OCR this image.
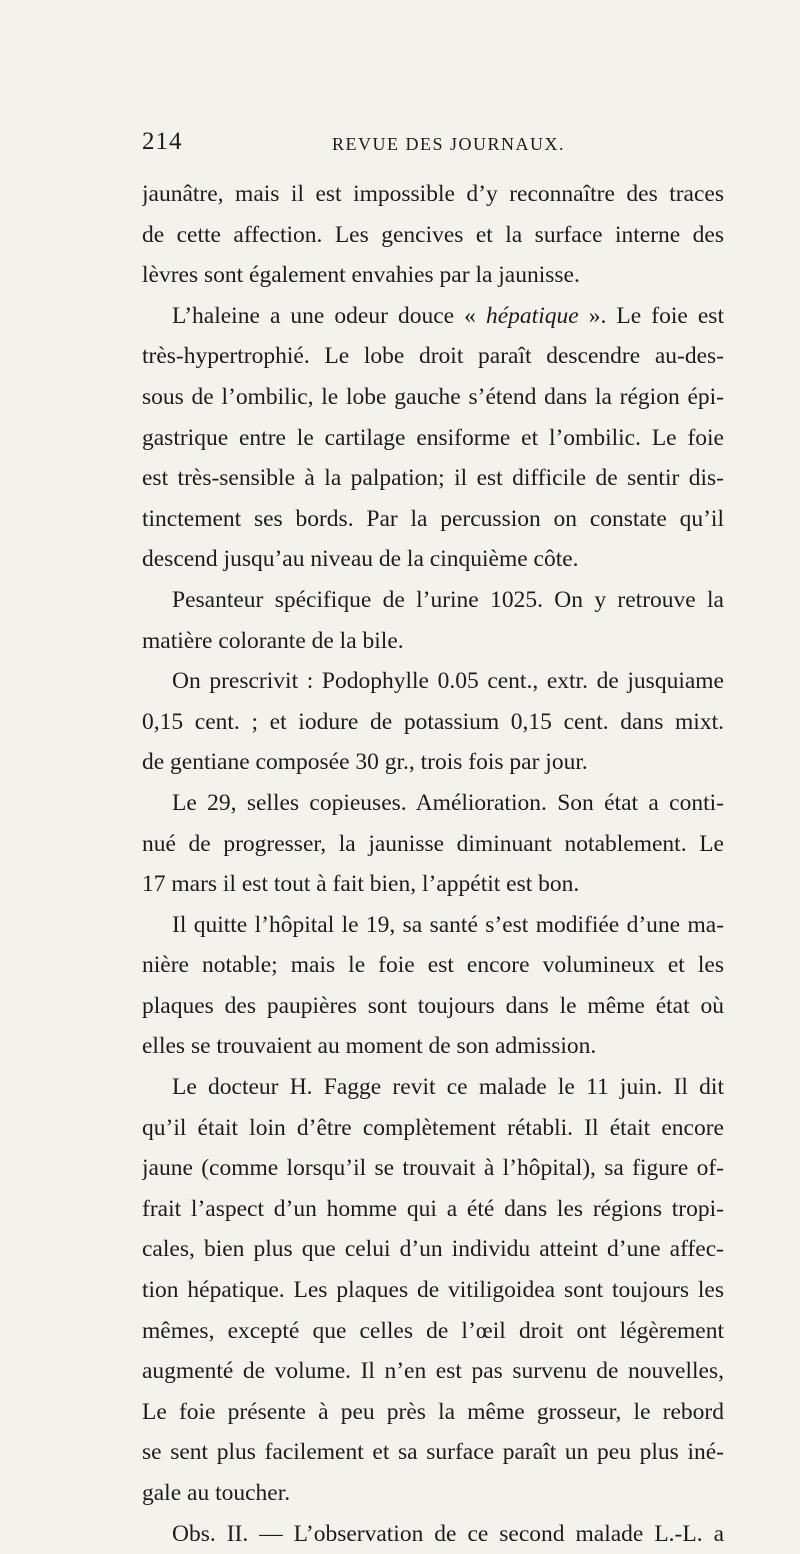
214	REVUE DES JOURNAUX.
jaunâtre, mais il est impossible d’y reconnaître des traces
de cette affection. Les gencives et la surface interne des
lèvres sont également envahies par la jaunisse.
L’haleine a une odeur douce « hépatique ». Le foie est
très-hypertrophié. Le lobe droit paraît descendre au-des-
sous de l’ombilic, le lobe gauche s’étend dans la région épi-
gastrique entre le cartilage ensiforme et l’ombilic. Le foie
est très-sensible à la palpation; il est difficile de sentir dis-
tinctement ses bords. Par la percussion on constate qu’il
descend jusqu’au niveau de la cinquième côte.
Pesanteur spécifique de l’urine 1025. On y retrouve la
matière colorante de la bile.
On prescrivit : Podophylle 0.05 cent., extr. de jusquiame
0,15 cent. ; et iodure de potassium 0,15 cent. dans mixt.
de gentiane composée 30 gr., trois fois par jour.
Le 29, selles copieuses. Amélioration. Son état a conti-
nué de progresser, la jaunisse diminuant notablement. Le
17 mars il est tout à fait bien, l’appétit est bon.
Il quitte l’hôpital le 19, sa santé s’est modifiée d’une ma-
nière notable; mais le foie est encore volumineux et les
plaques des paupières sont toujours dans le même état où
elles se trouvaient au moment de son admission.
Le docteur H. Fagge revit ce malade le 11 juin. Il dit
qu’il était loin d’être complètement rétabli. Il était encore
jaune (comme lorsqu’il se trouvait à l’hôpital), sa figure of-
frait l’aspect d’un homme qui a été dans les régions tropi-
cales, bien plus que celui d’un individu atteint d’une affec-
tion hépatique. Les plaques de vitiligoidea sont toujours les
mêmes, excepté que celles de l’œil droit ont légèrement
augmenté de volume. Il n’en est pas survenu de nouvelles,
Le foie présente à peu près la même grosseur, le rebord
se sent plus facilement et sa surface paraît un peu plus iné-
gale au toucher.
Obs. II. — L’observation de ce second malade L.-L. a
